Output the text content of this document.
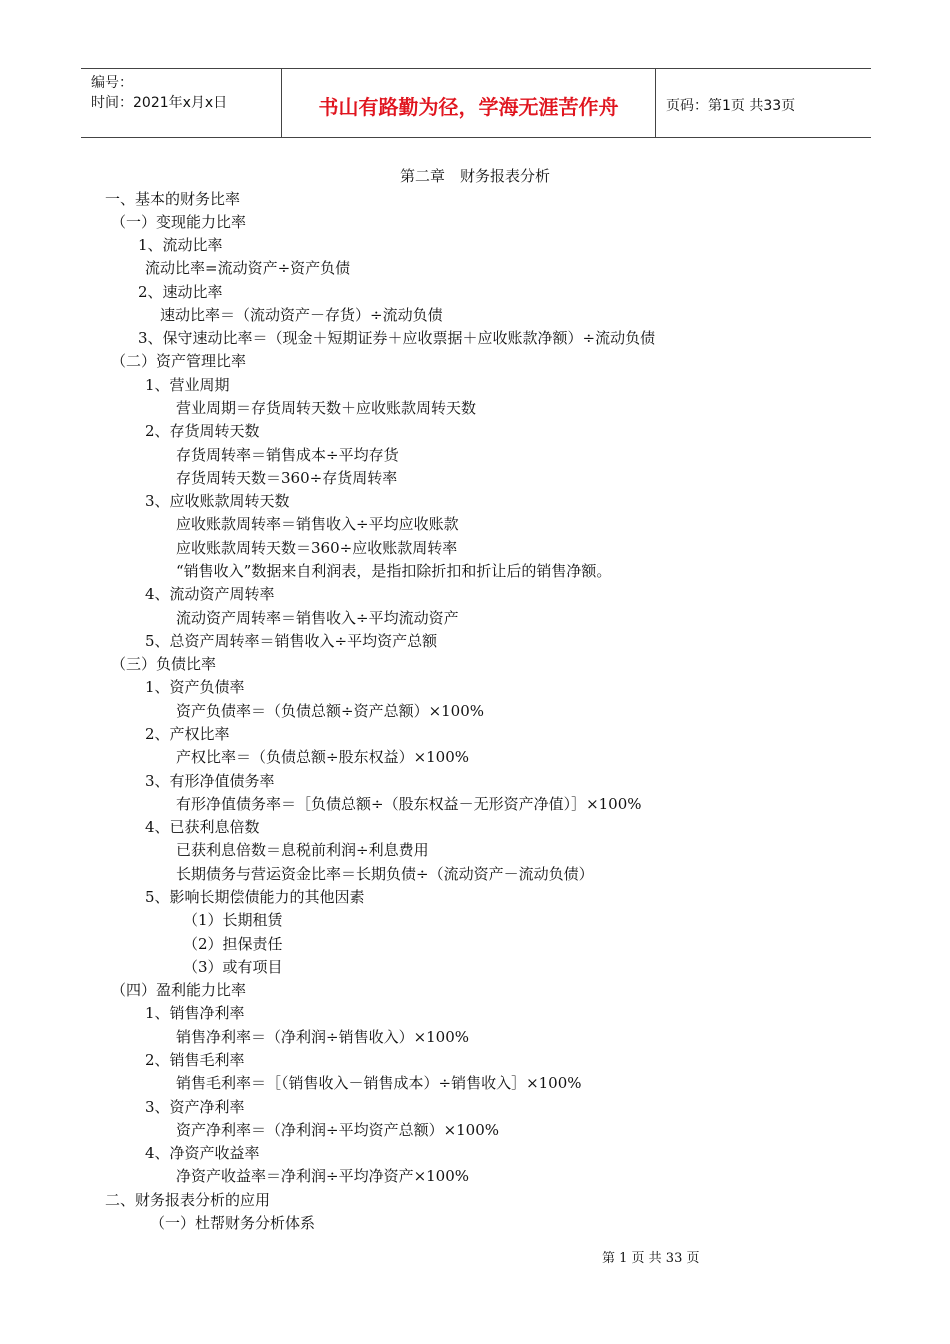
编号：
时间：2021年x月x日	书山有路勤为径，学海无涯苦作舟	页码：第1页 共33页
第二章　财务报表分析
一、基本的财务比率
（一）变现能力比率
1、流动比率
流动比率=流动资产÷资产负债
2、速动比率
速动比率＝（流动资产－存货）÷流动负债
3、保守速动比率＝（现金＋短期证券＋应收票据＋应收账款净额）÷流动负债
（二）资产管理比率
1、营业周期
营业周期＝存货周转天数＋应收账款周转天数
2、存货周转天数
存货周转率＝销售成本÷平均存货
存货周转天数＝360÷存货周转率
3、应收账款周转天数
应收账款周转率＝销售收入÷平均应收账款
应收账款周转天数＝360÷应收账款周转率
“销售收入”数据来自利润表，是指扣除折扣和折让后的销售净额。
4、流动资产周转率
流动资产周转率＝销售收入÷平均流动资产
5、总资产周转率＝销售收入÷平均资产总额
（三）负债比率
1、资产负债率
资产负债率＝（负债总额÷资产总额）×100%
2、产权比率
产权比率＝（负债总额÷股东权益）×100%
3、有形净值债务率
有形净值债务率＝［负债总额÷（股东权益－无形资产净值）］×100%
4、已获利息倍数
已获利息倍数＝息税前利润÷利息费用
长期债务与营运资金比率＝长期负债÷（流动资产－流动负债）
5、影响长期偿债能力的其他因素
（1）长期租赁
（2）担保责任
（3）或有项目
（四）盈利能力比率
1、销售净利率
销售净利率＝（净利润÷销售收入）×100%
2、销售毛利率
销售毛利率＝［（销售收入－销售成本）÷销售收入］×100%
3、资产净利率
资产净利率＝（净利润÷平均资产总额）×100%
4、净资产收益率
净资产收益率＝净利润÷平均净资产×100%
二、财务报表分析的应用
（一）杜帮财务分析体系
第 1 页 共 33 页
